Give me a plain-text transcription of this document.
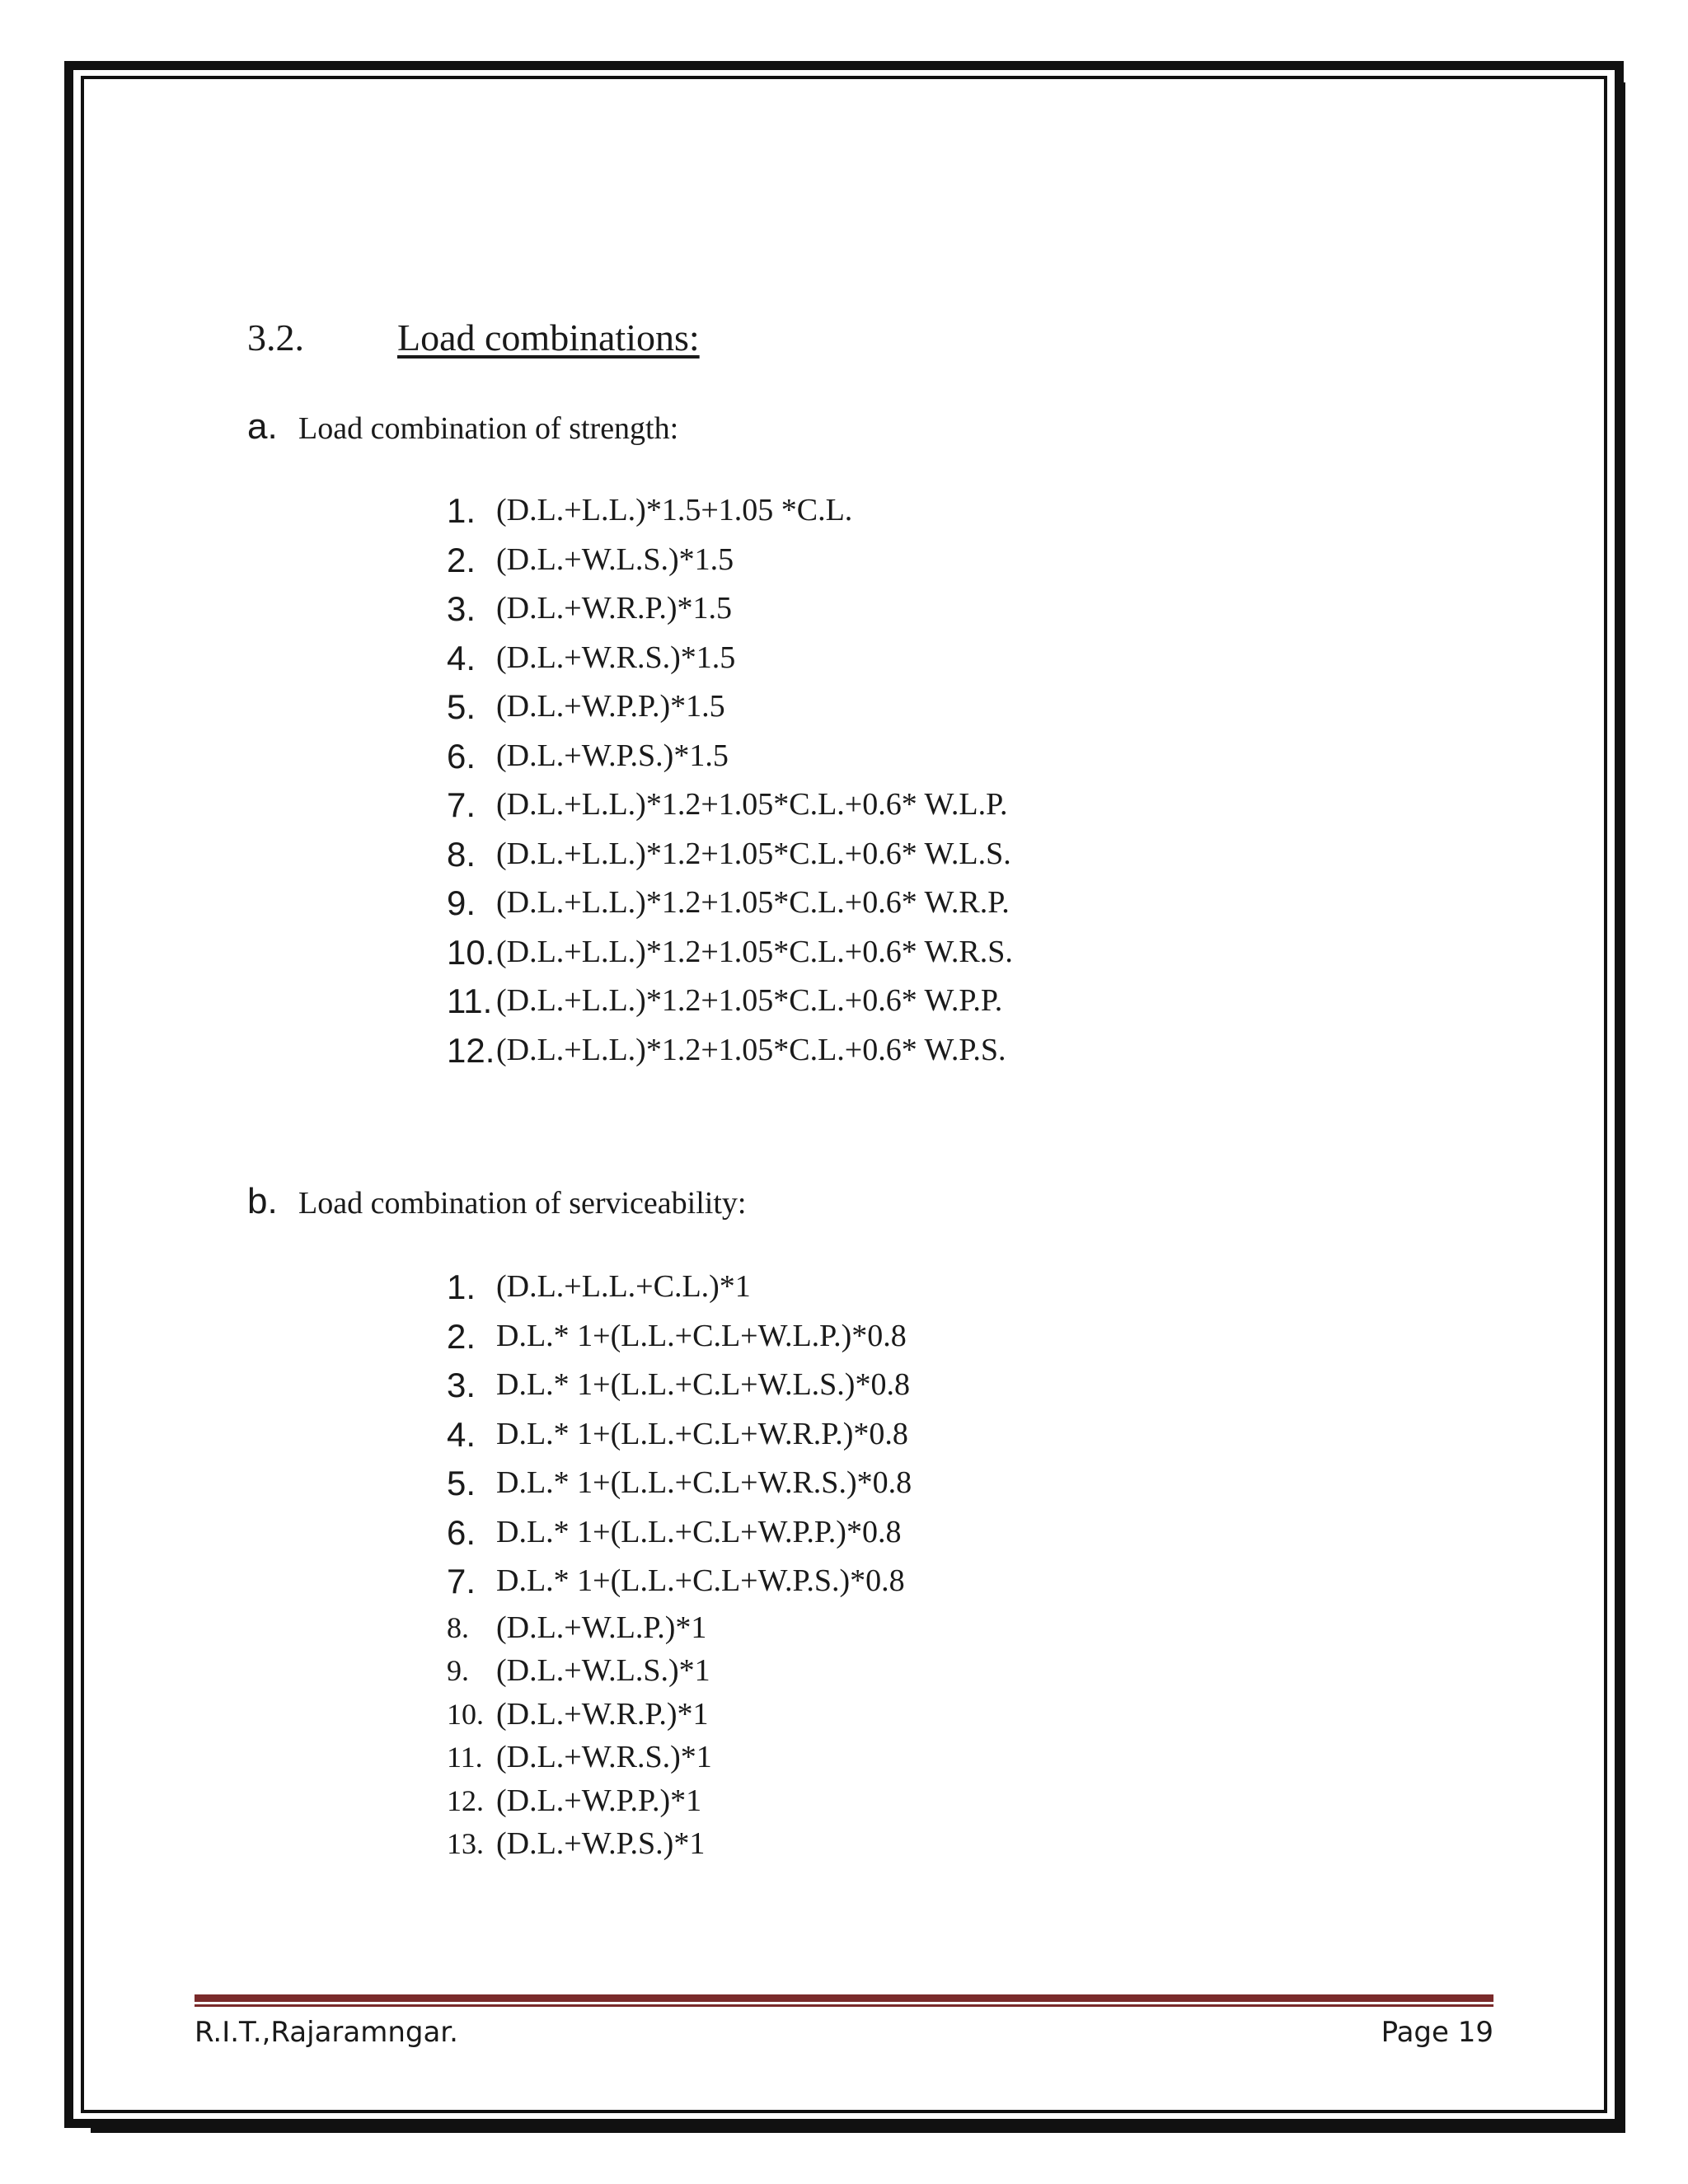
3.2. Load combinations:
a. Load combination of strength:
1. (D.L.+L.L.)*1.5+1.05 *C.L.
2. (D.L.+W.L.S.)*1.5
3. (D.L.+W.R.P.)*1.5
4. (D.L.+W.R.S.)*1.5
5. (D.L.+W.P.P.)*1.5
6. (D.L.+W.P.S.)*1.5
7. (D.L.+L.L.)*1.2+1.05*C.L.+0.6* W.L.P.
8. (D.L.+L.L.)*1.2+1.05*C.L.+0.6* W.L.S.
9. (D.L.+L.L.)*1.2+1.05*C.L.+0.6* W.R.P.
10. (D.L.+L.L.)*1.2+1.05*C.L.+0.6* W.R.S.
11. (D.L.+L.L.)*1.2+1.05*C.L.+0.6* W.P.P.
12. (D.L.+L.L.)*1.2+1.05*C.L.+0.6* W.P.S.
b. Load combination of serviceability:
1. (D.L.+L.L.+C.L.)*1
2. D.L.* 1+(L.L.+C.L+W.L.P.)*0.8
3. D.L.* 1+(L.L.+C.L+W.L.S.)*0.8
4. D.L.* 1+(L.L.+C.L+W.R.P.)*0.8
5. D.L.* 1+(L.L.+C.L+W.R.S.)*0.8
6. D.L.* 1+(L.L.+C.L+W.P.P.)*0.8
7. D.L.* 1+(L.L.+C.L+W.P.S.)*0.8
8. (D.L.+W.L.P.)*1
9. (D.L.+W.L.S.)*1
10. (D.L.+W.R.P.)*1
11. (D.L.+W.R.S.)*1
12. (D.L.+W.P.P.)*1
13. (D.L.+W.P.S.)*1
R.I.T.,Rajaramngar.	Page 19
